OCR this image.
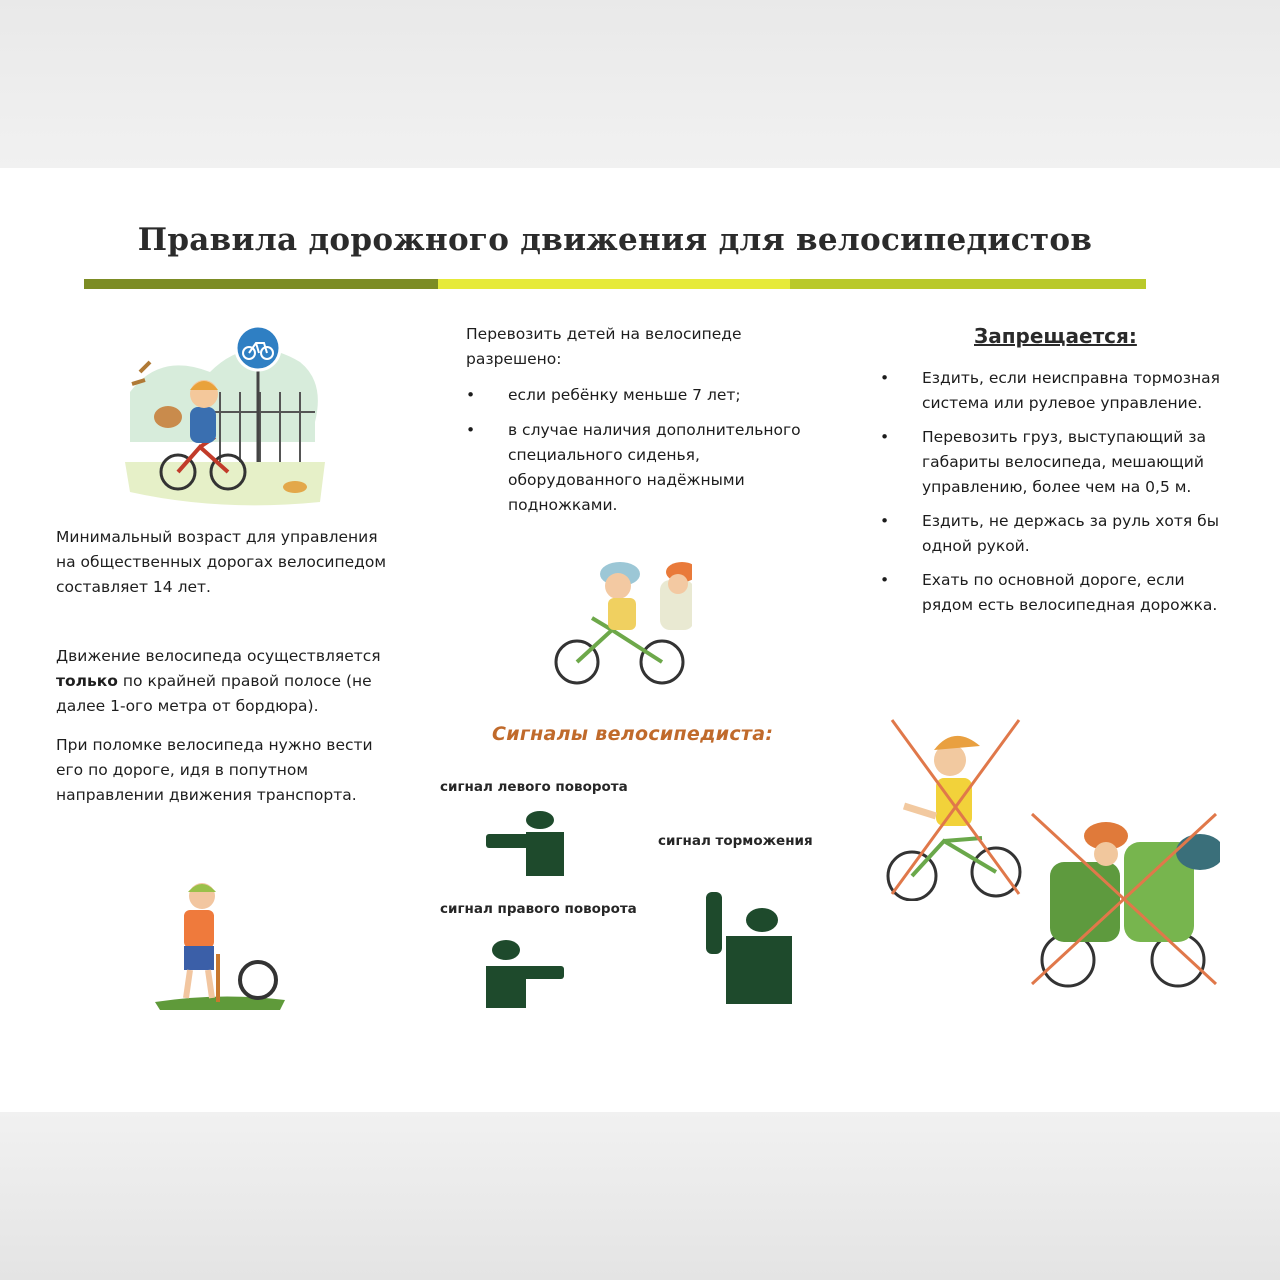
Правила дорожного движения для велосипедистов
Минимальный возраст для управления на общественных дорогах велосипедом составляет 14 лет.
Движение велосипеда осуществляется только по крайней правой полосе (не далее 1-ого метра от бордюра).
При поломке велосипеда нужно вести его по дороге, идя в попутном направлении движения транспорта.
Перевозить детей на велосипеде разрешено:
• если ребёнку меньше 7 лет;
• в случае наличия дополнительного специального сиденья, оборудованного надёжными подножками.
Сигналы велосипедиста:
сигнал левого поворота
сигнал торможения
сигнал правого поворота
Запрещается:
• Ездить, если неисправна тормозная система или рулевое управление.
• Перевозить груз, выступающий за габариты велосипеда, мешающий управлению, более чем на 0,5 м.
• Ездить, не держась за руль хотя бы одной рукой.
• Ехать по основной дороге, если рядом есть велосипедная дорожка.
